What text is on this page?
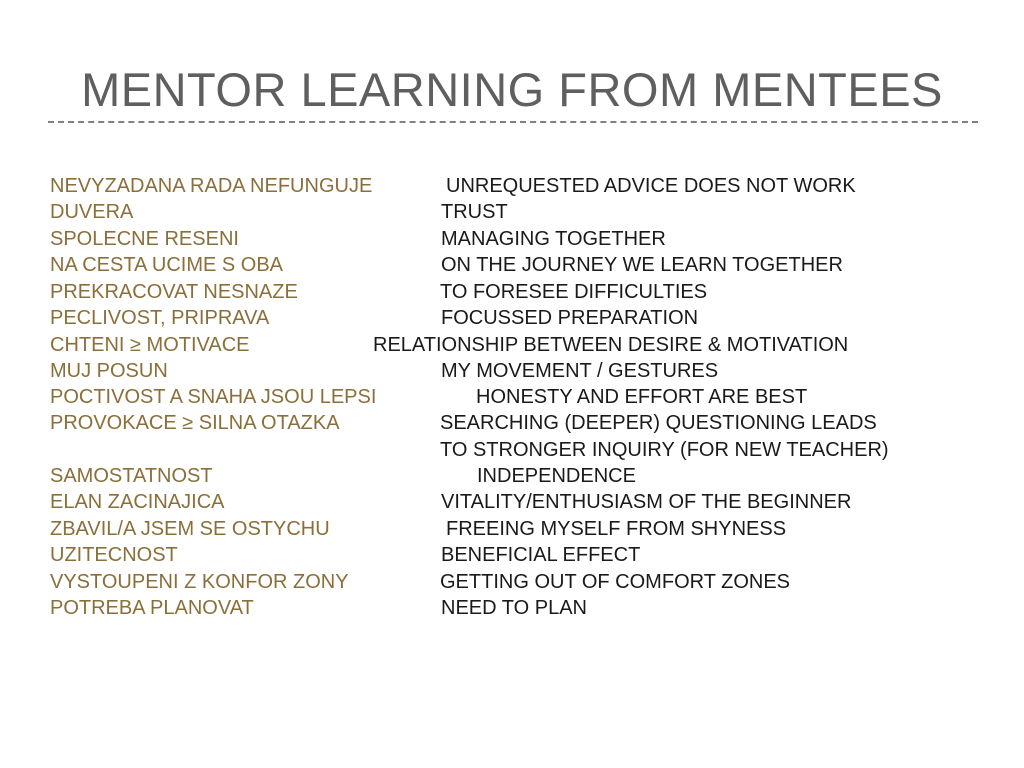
MENTOR LEARNING FROM MENTEES
NEVYZADANA RADA NEFUNGUJE	UNREQUESTED ADVICE DOES NOT WORK
DUVERA	TRUST
SPOLECNE RESENI	MANAGING TOGETHER
NA CESTA UCIME S OBA	ON THE JOURNEY WE LEARN TOGETHER
PREKRACOVAT NESNAZE	TO FORESEE DIFFICULTIES
PECLIVOST, PRIPRAVA	FOCUSSED PREPARATION
CHTENI ≥ MOTIVACE	RELATIONSHIP BETWEEN DESIRE & MOTIVATION
MUJ POSUN	MY MOVEMENT / GESTURES
POCTIVOST A SNAHA JSOU LEPSI	HONESTY AND EFFORT ARE BEST
PROVOKACE ≥ SILNA OTAZKA	SEARCHING (DEEPER) QUESTIONING LEADS
TO STRONGER INQUIRY (FOR NEW TEACHER)
SAMOSTATNOST	INDEPENDENCE
ELAN ZACINAJICA	VITALITY/ENTHUSIASM OF THE BEGINNER
ZBAVIL/A JSEM SE OSTYCHU	FREEING MYSELF FROM SHYNESS
UZITECNOST	BENEFICIAL EFFECT
VYSTOUPENI Z KONFOR ZONY	GETTING OUT OF COMFORT ZONES
POTREBA PLANOVAT	NEED TO PLAN
